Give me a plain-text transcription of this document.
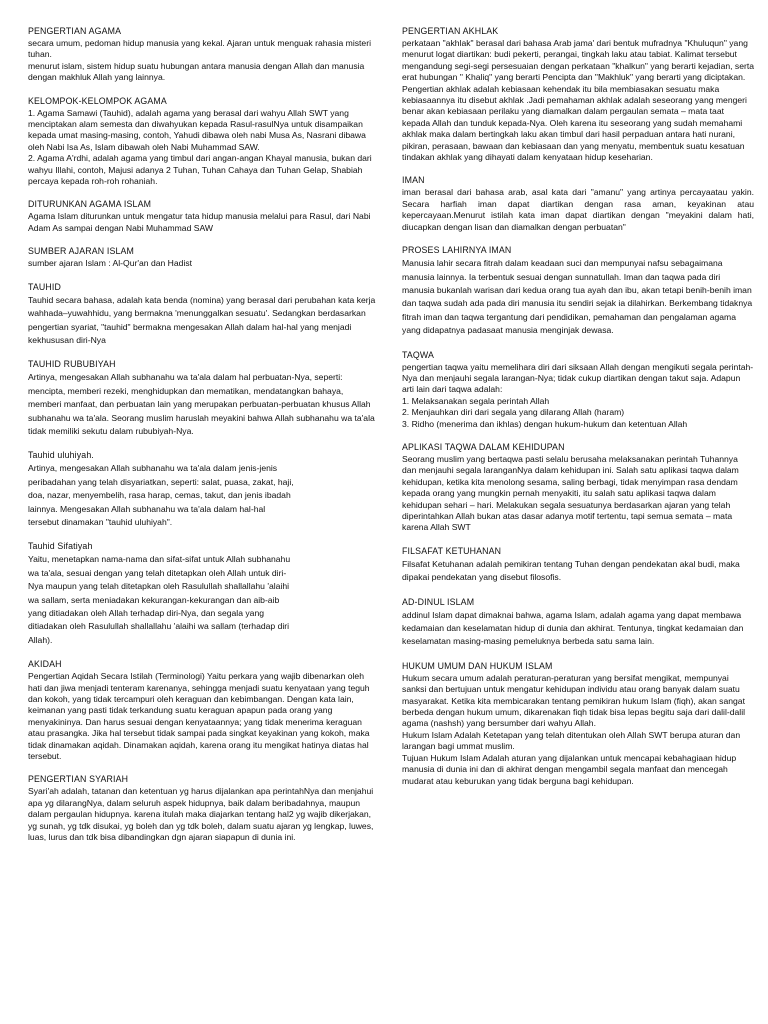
PENGERTIAN AGAMA

secara umum, pedoman hidup manusia yang kekal. Ajaran untuk menguak rahasia misteri tuhan.

menurut islam, sistem hidup suatu hubungan antara manusia dengan Allah dan manusia dengan makhluk Allah yang lainnya.

KELOMPOK-KELOMPOK AGAMA

1. Agama Samawi (Tauhid), adalah agama yang berasal dari wahyu Allah SWT yang menciptakan alam semesta dan diwahyukan kepada Rasul-rasulNya untuk disampaikan kepada umat masing-masing, contoh, Yahudi dibawa oleh nabi Musa As, Nasrani dibawa oleh Nabi Isa As, Islam dibawah oleh Nabi Muhammad SAW.

2. Agama A'rdhi, adalah agama yang timbul dari angan-angan Khayal manusia, bukan dari wahyu Illahi, contoh, Majusi adanya 2 Tuhan, Tuhan Cahaya dan Tuhan Gelap, Shabiah percaya kepada roh-roh rohaniah.

DITURUNKAN AGAMA ISLAM

Agama Islam diturunkan untuk mengatur tata hidup manusia melalui para Rasul, dari Nabi Adam As sampai dengan Nabi Muhammad SAW

SUMBER AJARAN ISLAM

sumber ajaran Islam : Al-Qur'an dan Hadist

TAUHID

Tauhid secara bahasa, adalah kata benda (nomina) yang berasal dari perubahan kata kerja wahhada–yuwahhidu, yang bermakna 'menunggalkan sesuatu'. Sedangkan berdasarkan pengertian syariat, "tauhid" bermakna mengesakan Allah dalam hal-hal yang menjadi kekhususan diri-Nya

TAUHID RUBUBIYAH

Artinya, mengesakan Allah subhanahu wa ta'ala dalam hal perbuatan-Nya, seperti: mencipta, memberi rezeki, menghidupkan dan mematikan, mendatangkan bahaya, memberi manfaat, dan perbuatan lain yang merupakan perbuatan-perbuatan khusus Allah subhanahu wa ta'ala. Seorang muslim haruslah meyakini bahwa Allah subhanahu wa ta'ala tidak memiliki sekutu dalam rububiyah-Nya.

Tauhid uluhiyah.

Artinya, mengesakan Allah subhanahu wa ta'ala dalam jenis-jenis peribadahan yang telah disyariatkan, seperti: salat, puasa, zakat, haji, doa, nazar, menyembelih, rasa harap, cemas, takut, dan jenis ibadah lainnya. Mengesakan Allah subhanahu wa ta'ala dalam hal-hal tersebut dinamakan "tauhid uluhiyah".

Tauhid Sifatiyah

Yaitu, menetapkan nama-nama dan sifat-sifat untuk Allah subhanahu wa ta'ala, sesuai dengan yang telah ditetapkan oleh Allah untuk diri-Nya maupun yang telah ditetapkan oleh Rasulullah shallallahu 'alaihi wa sallam, serta meniadakan kekurangan-kekurangan dan aib-aib yang ditiadakan oleh Allah terhadap diri-Nya, dan segala yang ditiadakan oleh Rasulullah shallallahu 'alaihi wa sallam (terhadap diri Allah).

AKIDAH

Pengertian Aqidah Secara Istilah (Terminologi) Yaitu perkara yang wajib dibenarkan oleh hati dan jiwa menjadi tenteram karenanya, sehingga menjadi suatu kenyataan yang teguh dan kokoh, yang tidak tercampuri oleh keraguan dan kebimbangan. Dengan kata lain, keimanan yang pasti tidak terkandung suatu keraguan apapun pada orang yang menyakininya. Dan harus sesuai dengan kenyataannya; yang tidak menerima keraguan atau prasangka. Jika hal tersebut tidak sampai pada singkat keyakinan yang kokoh, maka tidak dinamakan aqidah. Dinamakan aqidah, karena orang itu mengikat hatinya diatas hal tersebut.

PENGERTIAN SYARIAH

Syari'ah adalah, tatanan dan ketentuan yg harus dijalankan apa perintahNya dan menjahui apa yg dilarangNya, dalam seluruh aspek hidupnya, baik dalam beribadahnya, maupun dalam pergaulan hidupnya. karena itulah maka diajarkan tentang hal2 yg wajib dikerjakan, yg sunah, yg tdk disukai, yg boleh dan yg tdk boleh, dalam suatu ajaran yg lengkap, luwes, luas, lurus dan tdk bisa dibandingkan dgn ajaran siapapun di dunia ini.

PENGERTIAN AKHLAK

perkataan "akhlak" berasal dari bahasa Arab jama' dari bentuk mufradnya "Khuluqun" yang menurut logat diartikan: budi pekerti, perangai, tingkah laku atau tabiat. Kalimat tersebut mengandung segi-segi persesuaian dengan perkataan "khalkun" yang berarti kejadian, serta erat hubungan " Khaliq" yang berarti Pencipta dan "Makhluk" yang berarti yang diciptakan.

Pengertian akhlak adalah kebiasaan kehendak itu bila membiasakan sesuatu maka kebiasaannya itu disebut akhlak .Jadi pemahaman akhlak adalah seseorang yang mengeri benar akan kebiasaan perilaku yang diamalkan dalam pergaulan semata – mata taat kepada Allah dan tunduk kepada-Nya. Oleh karena itu seseorang yang sudah memahami akhlak maka dalam bertingkah laku akan timbul dari hasil perpaduan antara hati nurani, pikiran, perasaan, bawaan dan kebiasaan dan yang menyatu, membentuk suatu kesatuan tindakan akhlak yang dihayati dalam kenyataan hidup keseharian.

IMAN

iman berasal dari bahasa arab, asal kata dari "amanu" yang artinya percayaatau yakin. Secara harfiah iman dapat diartikan dengan rasa aman, keyakinan atau kepercayaan.Menurut istilah kata iman dapat diartikan dengan "meyakini dalam hati, diucapkan dengan lisan dan diamalkan dengan perbuatan"

PROSES LAHIRNYA IMAN

Manusia lahir secara fitrah dalam keadaan suci dan mempunyai nafsu sebagaimana manusia lainnya. Ia terbentuk sesuai dengan sunnatullah. Iman dan taqwa pada diri manusia bukanlah warisan dari kedua orang tua ayah dan ibu, akan tetapi benih-benih iman dan taqwa sudah ada pada diri manusia itu sendiri sejak ia dilahirkan. Berkembang tidaknya fitrah iman dan taqwa tergantung dari pendidikan, pemahaman dan pengalaman agama yang didapatnya padasaat manusia menginjak dewasa.

TAQWA

pengertian taqwa yaitu memelihara diri dari siksaan Allah dengan mengikuti segala perintah-Nya dan menjauhi segala larangan-Nya; tidak cukup diartikan dengan takut saja. Adapun arti lain dari taqwa adalah:

1. Melaksanakan segala perintah Allah
2. Menjauhkan diri dari segala yang dilarang Allah (haram)
3. Ridho (menerima dan ikhlas) dengan hukum-hukum dan ketentuan Allah
APLIKASI TAQWA DALAM KEHIDUPAN

Seorang muslim yang bertaqwa pasti selalu berusaha melaksanakan perintah Tuhannya dan menjauhi segala laranganNya dalam kehidupan ini. Salah satu aplikasi taqwa dalam kehidupan, ketika kita menolong sesama, saling berbagi, tidak menyimpan rasa dendam kepada orang yang mungkin pernah menyakiti, itu salah satu aplikasi taqwa dalam kehidupan sehari – hari. Melakukan segala sesuatunya berdasarkan ajaran yang telah diperintahkan Allah bukan atas dasar adanya motif tertentu, tapi semua semata – mata karena Allah SWT

FILSAFAT KETUHANAN

Filsafat Ketuhanan adalah pemikiran tentang Tuhan dengan pendekatan akal budi, maka dipakai pendekatan yang disebut filosofis.

AD-DINUL ISLAM

addinul Islam dapat dimaknai bahwa, agama Islam, adalah agama yang dapat membawa kedamaian dan keselamatan hidup di dunia dan akhirat. Tentunya, tingkat kedamaian dan keselamatan masing-masing pemeluknya berbeda satu sama lain.

HUKUM UMUM DAN HUKUM ISLAM

Hukum secara umum adalah peraturan-peraturan yang bersifat mengikat, mempunyai sanksi dan bertujuan untuk mengatur kehidupan individu atau orang banyak dalam suatu masyarakat. Ketika kita membicarakan tentang pemikiran hukum Islam (fiqh), akan sangat berbeda dengan hukum umum, dikarenakan fiqh tidak bisa lepas begitu saja dari dalil-dalil agama (nashsh) yang bersumber dari wahyu Allah.

Hukum Islam Adalah Ketetapan yang telah ditentukan oleh Allah SWT berupa aturan dan larangan bagi ummat muslim.

Tujuan Hukum Islam Adalah aturan yang dijalankan untuk mencapai kebahagiaan hidup manusia di dunia ini dan di akhirat dengan mengambil segala manfaat dan mencegah mudarat atau keburukan yang tidak berguna bagi kehidupan.
